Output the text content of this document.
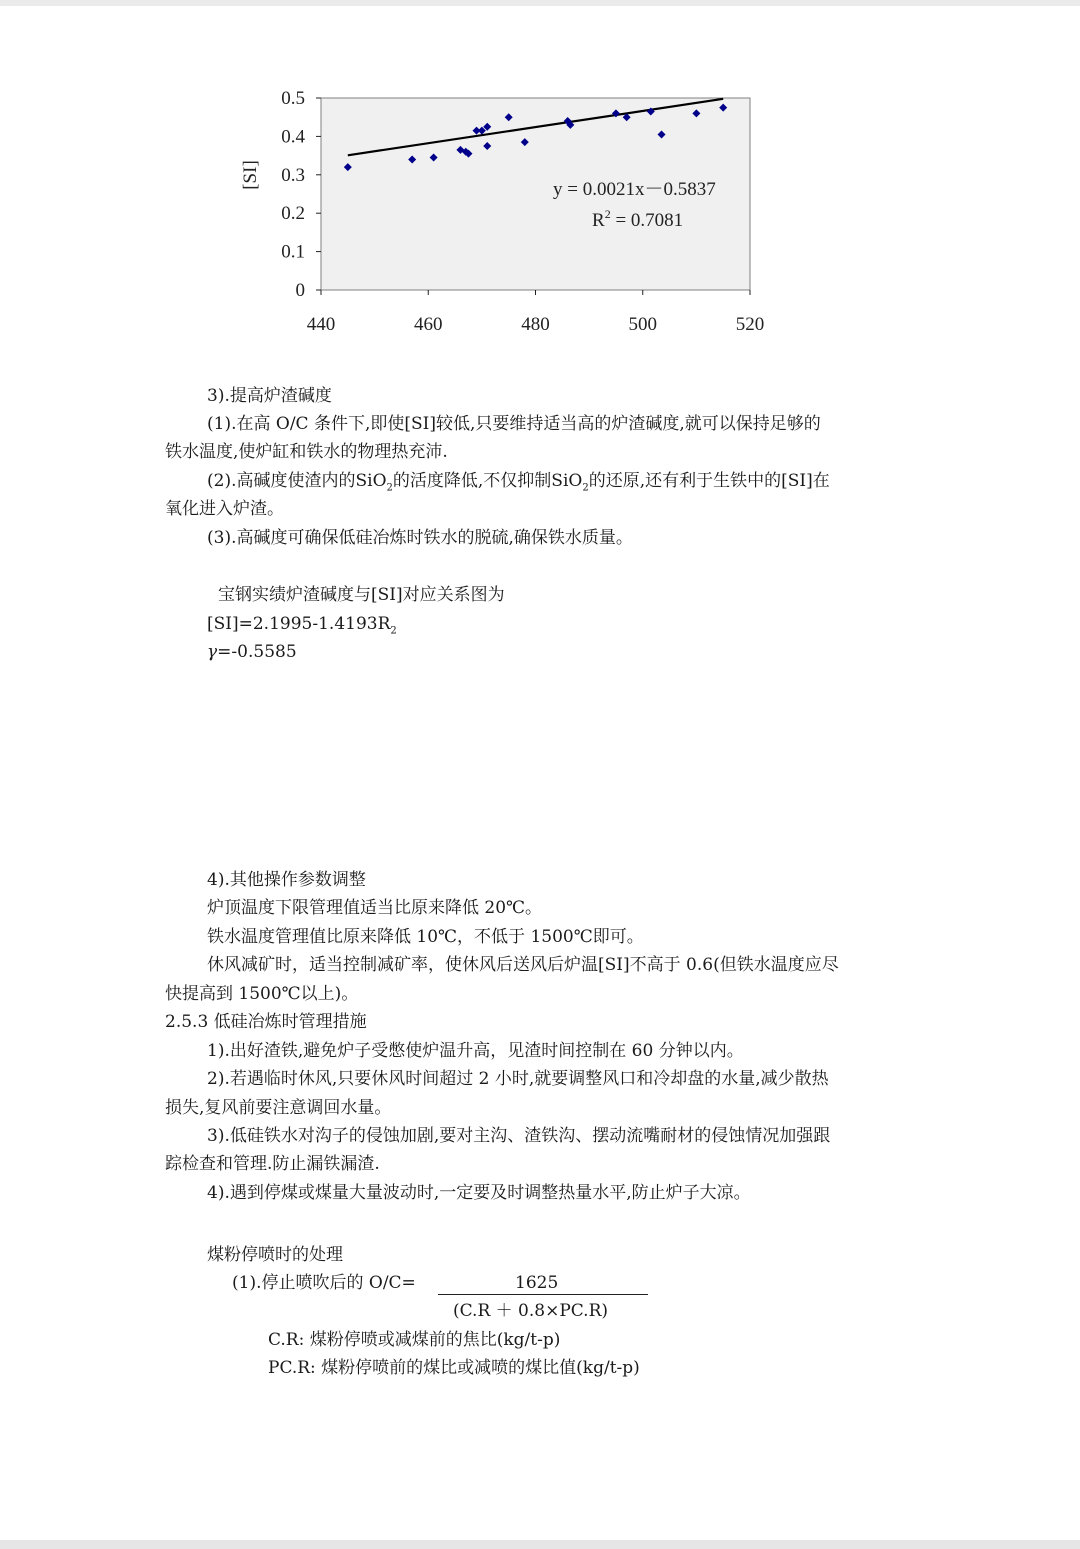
0
0.1
0.2
0.3
0.4
0.5
440	460	480	500	520
[SI]	y = 0.0021x－0.5837
$R^2 = 0.7081$

3).提高炉渣碱度

(1).在高 O/C 条件下,即使[SI]较低,只要维持适当高的炉渣碱度,就可以保持足够的

铁水温度,使炉缸和铁水的物理热充沛.

(2).高碱度使渣内的SiO$_2$的活度降低,不仅抑制SiO$_2$的还原,还有利于生铁中的[SI]在

氧化进入炉渣。

(3).高碱度可确保低硅冶炼时铁水的脱硫,确保铁水质量。

宝钢实绩炉渣碱度与[SI]对应关系图为

$[SI]=2.1995-1.4193R_2$

γ=-0.5585

4).其他操作参数调整

炉顶温度下限管理值适当比原来降低 20℃。

铁水温度管理值比原来降低 10℃，不低于 1500℃即可。

休风减矿时，适当控制减矿率，使休风后送风后炉温[SI]不高于 0.6(但铁水温度应尽

快提高到 1500℃以上)。

2.5.3 低硅冶炼时管理措施

1).出好渣铁,避免炉子受憋使炉温升高，见渣时间控制在 60 分钟以内。

2).若遇临时休风,只要休风时间超过 2 小时,就要调整风口和冷却盘的水量,减少散热

损失,复风前要注意调回水量。

3).低硅铁水对沟子的侵蚀加剧,要对主沟、渣铁沟、摆动流嘴耐材的侵蚀情况加强跟

踪检查和管理.防止漏铁漏渣.

4).遇到停煤或煤量大量波动时,一定要及时调整热量水平,防止炉子大凉。

煤粉停喷时的处理

(1).停止喷吹后的 O/C=	1625

(C.R ＋ 0.8×PC.R)

C.R: 煤粉停喷或减煤前的焦比(kg/t-p)

PC.R: 煤粉停喷前的煤比或减喷的煤比值(kg/t-p)
